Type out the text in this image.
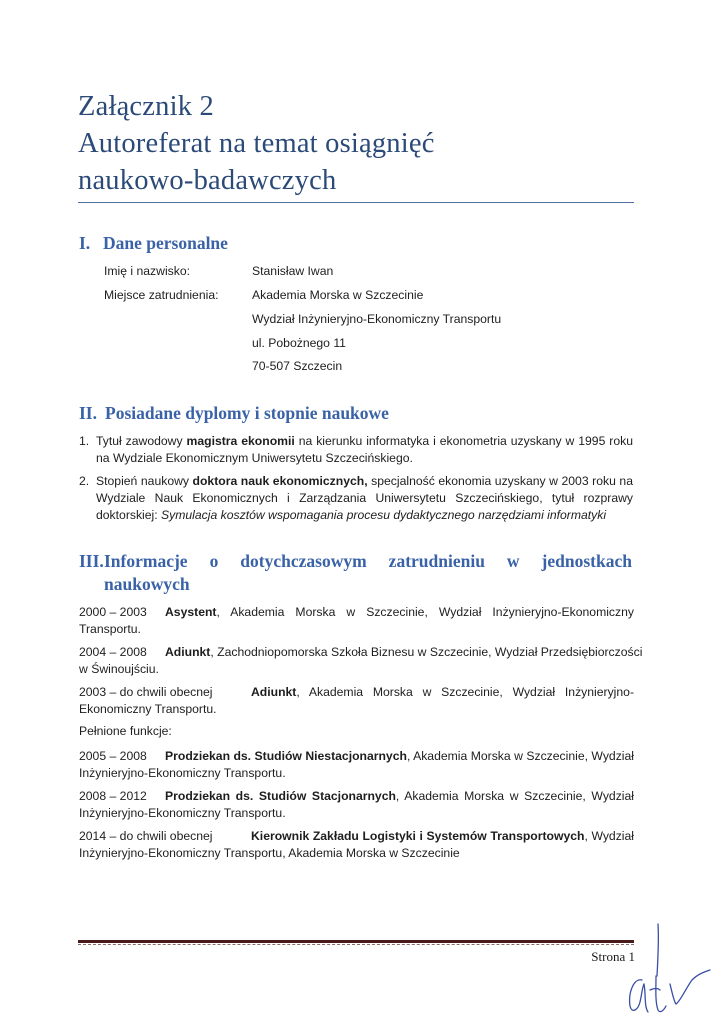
Załącznik 2
Autoreferat na temat osiągnięć
naukowo-badawczych
I. Dane personalne
Imię i nazwisko:	Stanisław Iwan
Miejsce zatrudnienia:	Akademia Morska w Szczecinie
Wydział Inżynieryjno-Ekonomiczny Transportu
ul. Pobożnego 11
70-507 Szczecin
II. Posiadane dyplomy i stopnie naukowe
1. Tytuł zawodowy magistra ekonomii na kierunku informatyka i ekonometria uzyskany w 1995 roku
na Wydziale Ekonomicznym Uniwersytetu Szczecińskiego.
2. Stopień naukowy doktora nauk ekonomicznych, specjalność ekonomia uzyskany w 2003 roku na
Wydziale Nauk Ekonomicznych i Zarządzania Uniwersytetu Szczecińskiego, tytuł rozprawy
doktorskiej: Symulacja kosztów wspomagania procesu dydaktycznego narzędziami informatyki
III. Informacje o dotychczasowym zatrudnieniu w jednostkach
naukowych
2000 – 2003	Asystent, Akademia Morska w Szczecinie, Wydział Inżynieryjno-Ekonomiczny
Transportu.
2004 – 2008	Adiunkt, Zachodniopomorska Szkoła Biznesu w Szczecinie, Wydział Przedsiębiorczości
w Świnoujściu.
2003 – do chwili obecnej	Adiunkt, Akademia Morska w Szczecinie, Wydział Inżynieryjno-
Ekonomiczny Transportu.
Pełnione funkcje:
2005 – 2008	Prodziekan ds. Studiów Niestacjonarnych, Akademia Morska w Szczecinie, Wydział
Inżynieryjno-Ekonomiczny Transportu.
2008 – 2012	Prodziekan ds. Studiów Stacjonarnych, Akademia Morska w Szczecinie, Wydział
Inżynieryjno-Ekonomiczny Transportu.
2014 – do chwili obecnej	Kierownik Zakładu Logistyki i Systemów Transportowych, Wydział
Inżynieryjno-Ekonomiczny Transportu, Akademia Morska w Szczecinie
Strona 1
